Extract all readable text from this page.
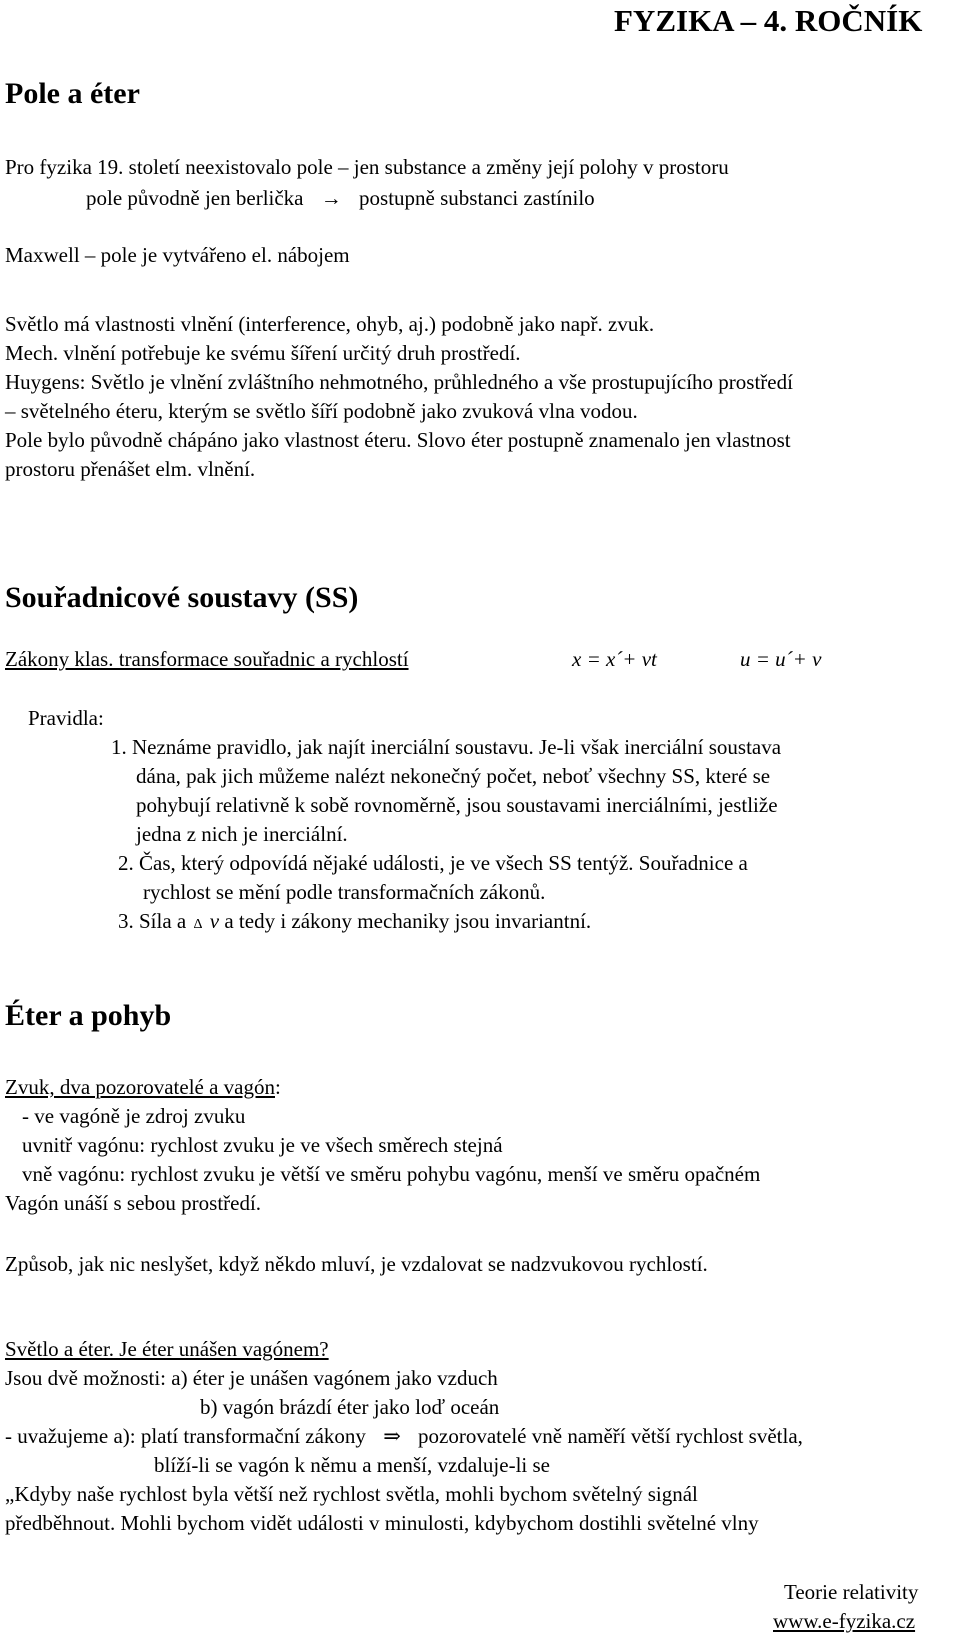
FYZIKA – 4. ROČNÍK
Pole a éter
Pro fyzika 19. století neexistovalo pole – jen substance a změny její polohy v prostoru
pole původně jen berlička → postupně substanci zastínilo
Maxwell – pole je vytvářeno el. nábojem
Světlo má vlastnosti vlnění (interference, ohyb, aj.) podobně jako např. zvuk.
Mech. vlnění potřebuje ke svému šíření určitý druh prostředí.
Huygens: Světlo je vlnění zvláštního nehmotného, průhledného a vše prostupujícího prostředí
– světelného éteru, kterým se světlo šíří podobně jako zvuková vlna vodou.
Pole bylo původně chápáno jako vlastnost éteru. Slovo éter postupně znamenalo jen vlastnost
prostoru přenášet elm. vlnění.
Souřadnicové soustavy (SS)
Zákony klas. transformace souřadnic a rychlostí	x = x´+ vt	u = u´+ v
Pravidla:
1. Neznáme pravidlo, jak najít inerciální soustavu. Je-li však inerciální soustava
dána, pak jich můžeme nalézt nekonečný počet, neboť všechny SS, které se
pohybují relativně k sobě rovnoměrně, jsou soustavami inerciálními, jestliže
jedna z nich je inerciální.
2. Čas, který odpovídá nějaké události, je ve všech SS tentýž. Souřadnice a
rychlost se mění podle transformačních zákonů.
3. Síla a Δ v a tedy i zákony mechaniky jsou invariantní.
Éter a pohyb
Zvuk, dva pozorovatelé a vagón:
- ve vagóně je zdroj zvuku
uvnitř vagónu: rychlost zvuku je ve všech směrech stejná
vně vagónu: rychlost zvuku je větší ve směru pohybu vagónu, menší ve směru opačném
Vagón unáší s sebou prostředí.
Způsob, jak nic neslyšet, když někdo mluví, je vzdalovat se nadzvukovou rychlostí.
Světlo a éter. Je éter unášen vagónem?
Jsou dvě možnosti: a) éter je unášen vagónem jako vzduch
b) vagón brázdí éter jako loď oceán
- uvažujeme a): platí transformační zákony ⇒ pozorovatelé vně naměří větší rychlost světla,
blíží-li se vagón k němu a menší, vzdaluje-li se
„Kdyby naše rychlost byla větší než rychlost světla, mohli bychom světelný signál
předběhnout. Mohli bychom vidět události v minulosti, kdybychom dostihli světelné vlny
Teorie relativity
www.e-fyzika.cz
